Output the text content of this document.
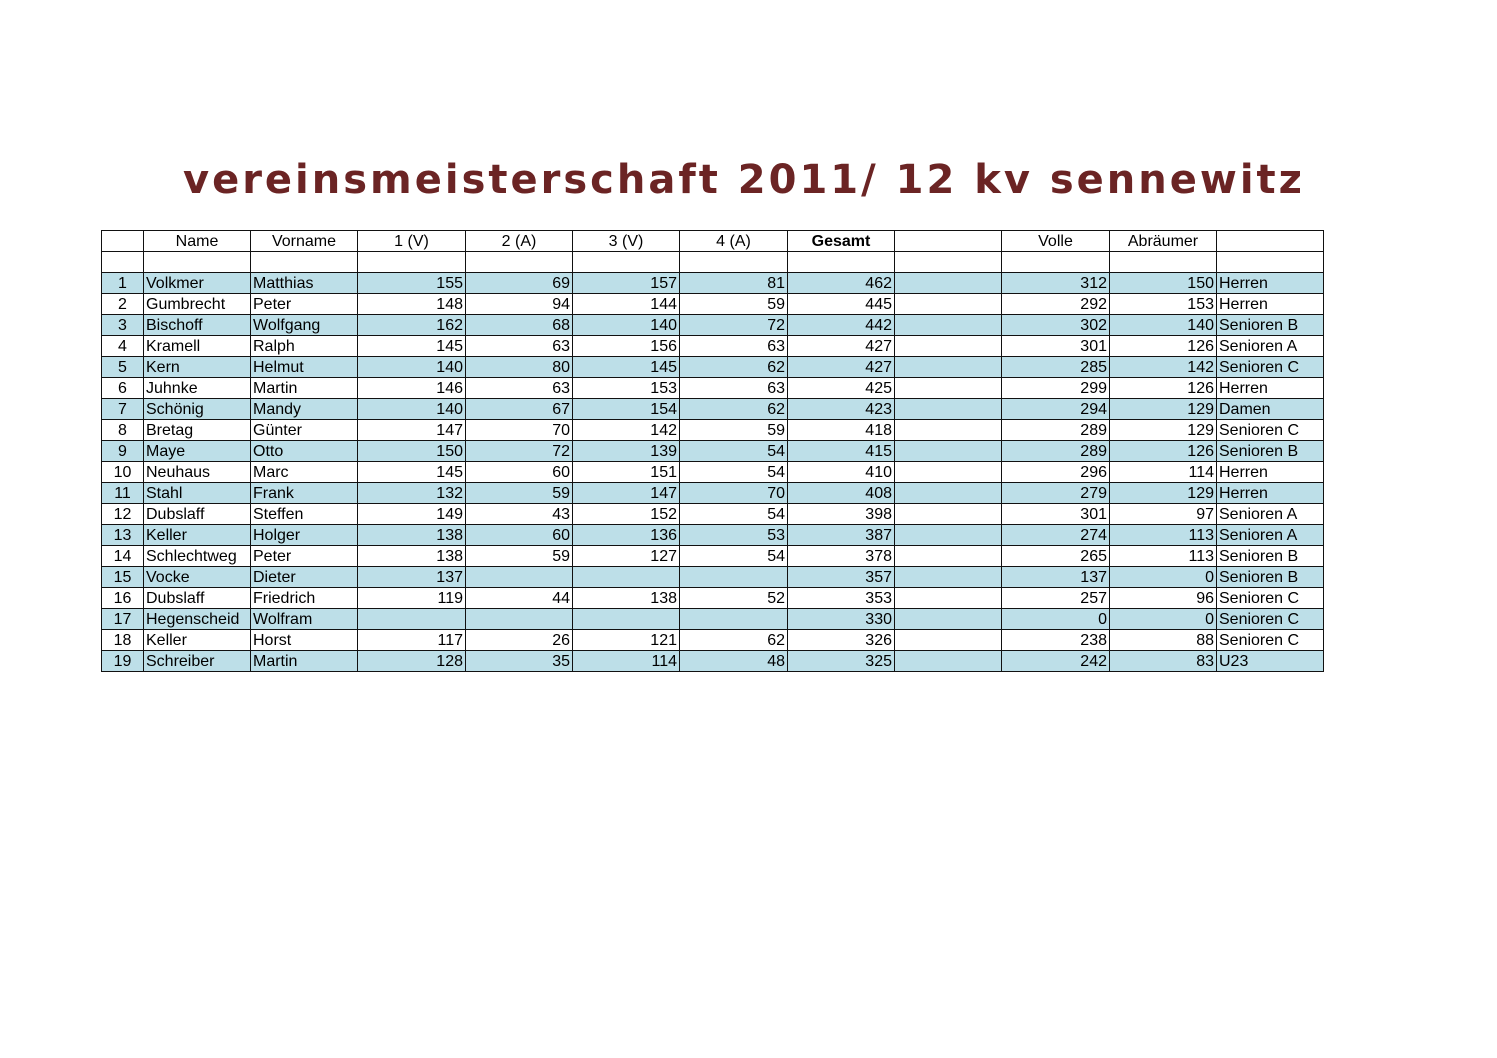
vereinsmeisterschaft 2011/ 12 kv sennewitz
	Name	Vorname	1 (V)	2 (A)	3 (V)	4 (A)	Gesamt		Volle	Abräumer	

1	Volkmer	Matthias	155	69	157	81	462		312	150	Herren
2	Gumbrecht	Peter	148	94	144	59	445		292	153	Herren
3	Bischoff	Wolfgang	162	68	140	72	442		302	140	Senioren B
4	Kramell	Ralph	145	63	156	63	427		301	126	Senioren A
5	Kern	Helmut	140	80	145	62	427		285	142	Senioren C
6	Juhnke	Martin	146	63	153	63	425		299	126	Herren
7	Schönig	Mandy	140	67	154	62	423		294	129	Damen
8	Bretag	Günter	147	70	142	59	418		289	129	Senioren C
9	Maye	Otto	150	72	139	54	415		289	126	Senioren B
10	Neuhaus	Marc	145	60	151	54	410		296	114	Herren
11	Stahl	Frank	132	59	147	70	408		279	129	Herren
12	Dubslaff	Steffen	149	43	152	54	398		301	97	Senioren A
13	Keller	Holger	138	60	136	53	387		274	113	Senioren A
14	Schlechtweg	Peter	138	59	127	54	378		265	113	Senioren B
15	Vocke	Dieter	137				357		137	0	Senioren B
16	Dubslaff	Friedrich	119	44	138	52	353		257	96	Senioren C
17	Hegenscheid	Wolfram					330		0	0	Senioren C
18	Keller	Horst	117	26	121	62	326		238	88	Senioren C
19	Schreiber	Martin	128	35	114	48	325		242	83	U23
